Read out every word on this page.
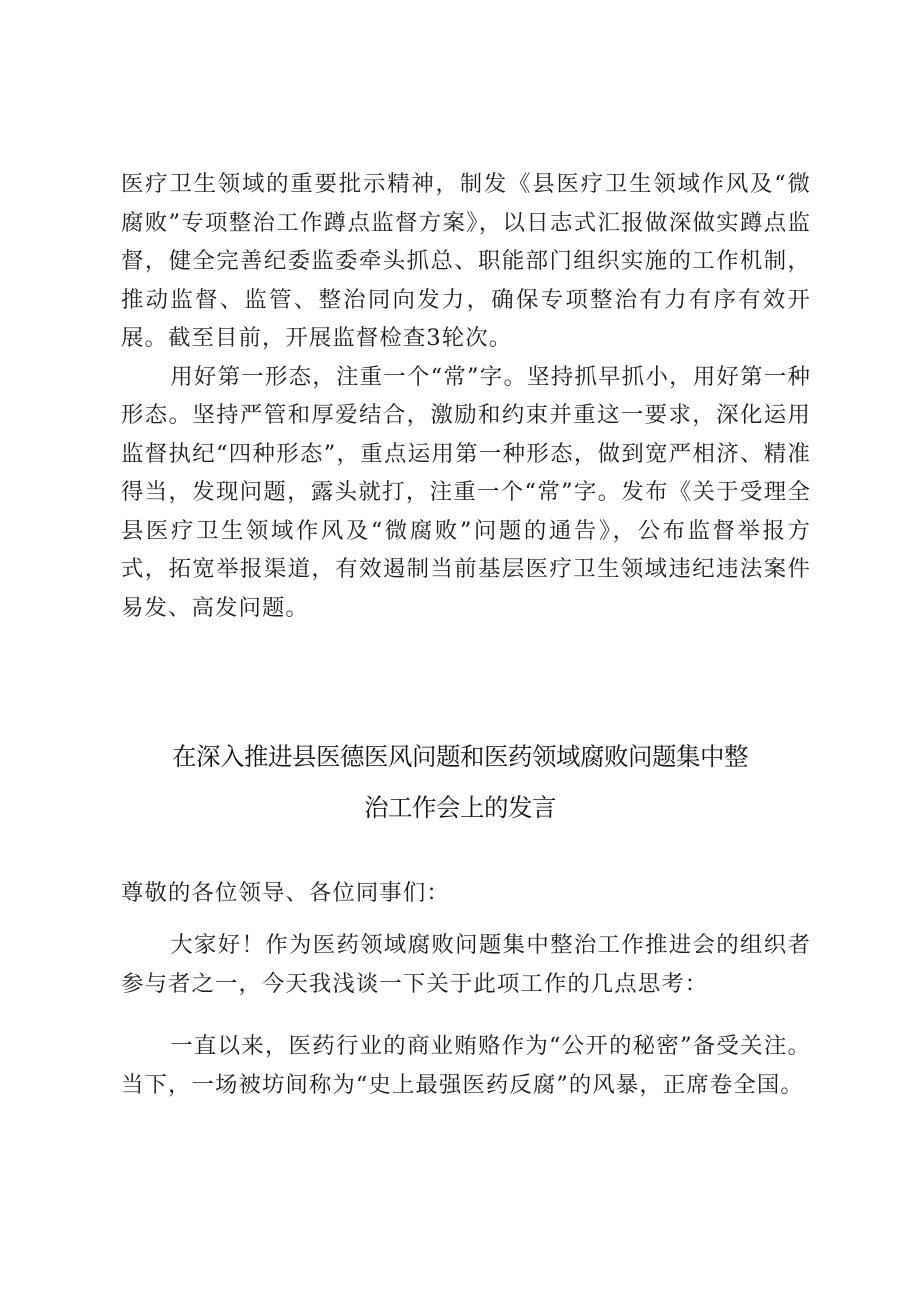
医疗卫生领域的重要批示精神，制发《县医疗卫生领域作风及“微腐败”专项整治工作蹲点监督方案》，以日志式汇报做深做实蹲点监督，健全完善纪委监委牵头抓总、职能部门组织实施的工作机制，推动监督、监管、整治同向发力，确保专项整治有力有序有效开展。截至目前，开展监督检查3轮次。

用好第一形态，注重一个“常”字。坚持抓早抓小，用好第一种形态。坚持严管和厚爱结合，激励和约束并重这一要求，深化运用监督执纪“四种形态”，重点运用第一种形态，做到宽严相济、精准得当，发现问题，露头就打，注重一个“常”字。发布《关于受理全县医疗卫生领域作风及“微腐败”问题的通告》，公布监督举报方式，拓宽举报渠道，有效遏制当前基层医疗卫生领域违纪违法案件易发、高发问题。

在深入推进县医德医风问题和医药领域腐败问题集中整
治工作会上的发言

尊敬的各位领导、各位同事们：

大家好！作为医药领域腐败问题集中整治工作推进会的组织者参与者之一，今天我浅谈一下关于此项工作的几点思考：

一直以来，医药行业的商业贿赂作为“公开的秘密”备受关注。当下，一场被坊间称为“史上最强医药反腐”的风暴，正席卷全国。
